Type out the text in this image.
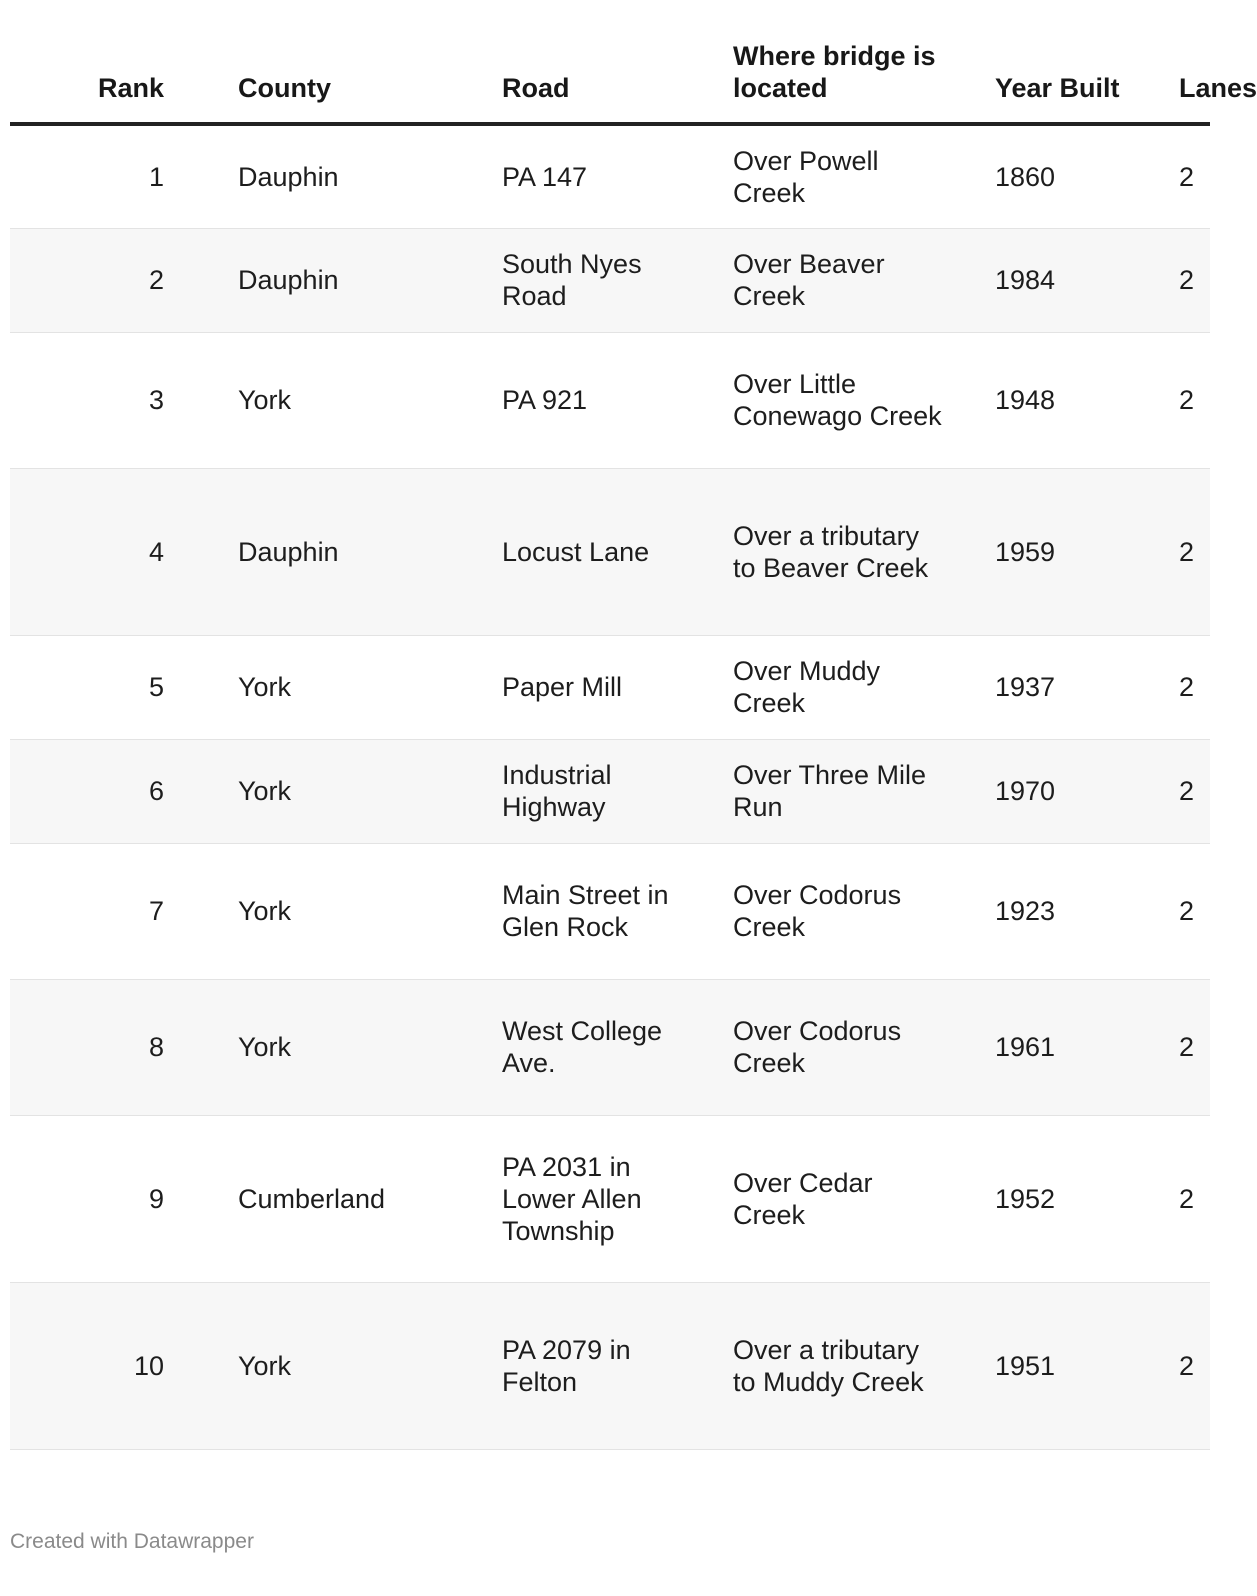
Rank	County	Road	Where bridge is located	Year Built	Lanes
1	Dauphin	PA 147	Over Powell Creek	1860	2
2	Dauphin	South Nyes Road	Over Beaver Creek	1984	2
3	York	PA 921	Over Little Conewago Creek	1948	2
4	Dauphin	Locust Lane	Over a tributary to Beaver Creek	1959	2
5	York	Paper Mill	Over Muddy Creek	1937	2
6	York	Industrial Highway	Over Three Mile Run	1970	2
7	York	Main Street in Glen Rock	Over Codorus Creek	1923	2
8	York	West College Ave.	Over Codorus Creek	1961	2
9	Cumberland	PA 2031 in Lower Allen Township	Over Cedar Creek	1952	2
10	York	PA 2079 in Felton	Over a tributary to Muddy Creek	1951	2
Created with Datawrapper
